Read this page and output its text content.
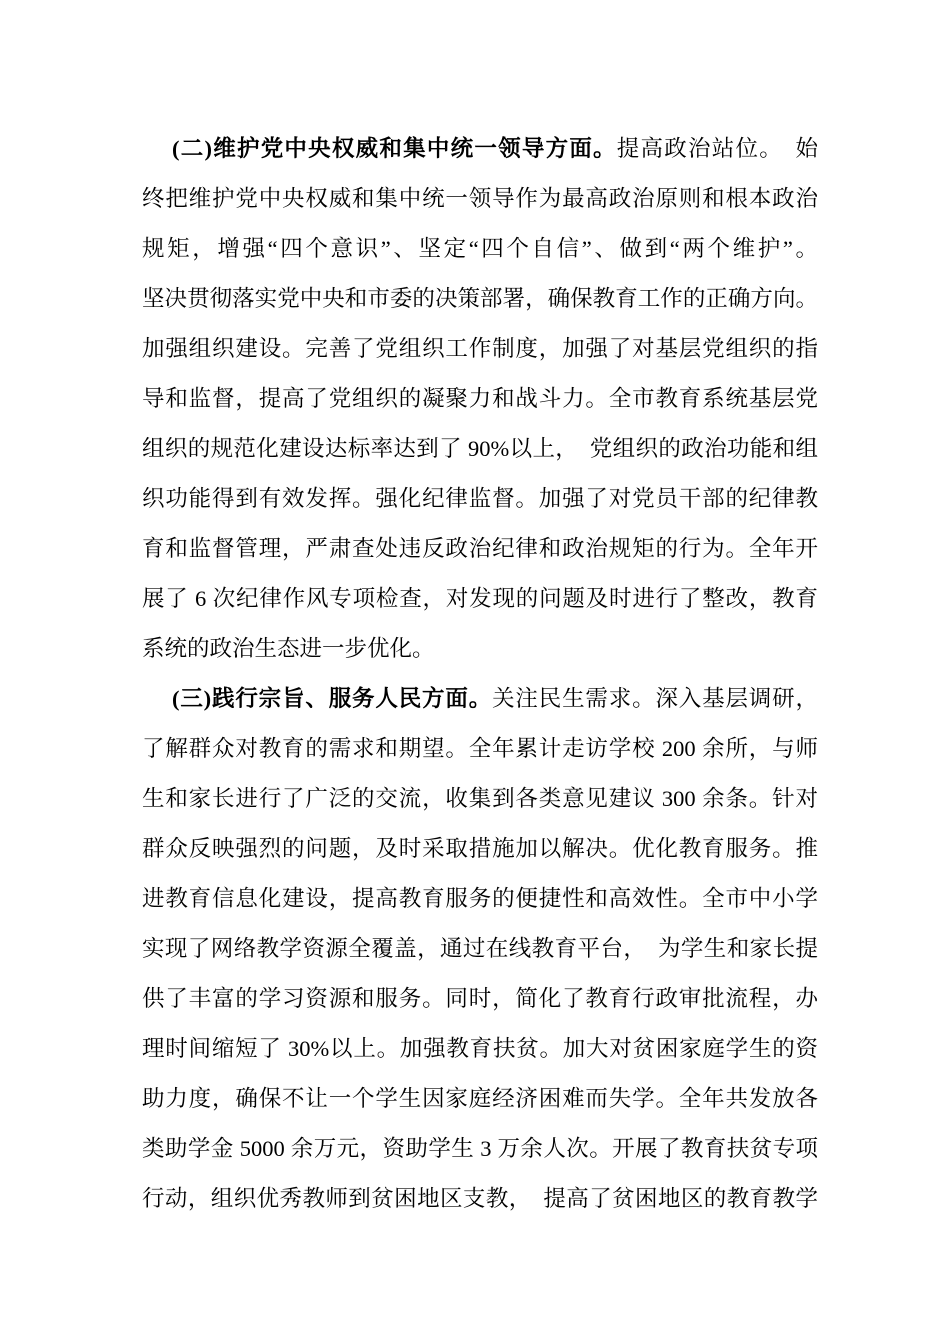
(二)维护党中央权威和集中统一领导方面。提高政治站位。　始
终把维护党中央权威和集中统一领导作为最高政治原则和根本政治
规矩，增强“四个意识”、坚定“四个自信”、做到“两个维护”。
坚决贯彻落实党中央和市委的决策部署，确保教育工作的正确方向。
加强组织建设。完善了党组织工作制度，加强了对基层党组织的指
导和监督，提高了党组织的凝聚力和战斗力。全市教育系统基层党
组织的规范化建设达标率达到了 90%以上，　党组织的政治功能和组
织功能得到有效发挥。强化纪律监督。加强了对党员干部的纪律教
育和监督管理，严肃查处违反政治纪律和政治规矩的行为。全年开
展了 6 次纪律作风专项检查，对发现的问题及时进行了整改，教育
系统的政治生态进一步优化。
(三)践行宗旨、服务人民方面。关注民生需求。深入基层调研，
了解群众对教育的需求和期望。全年累计走访学校 200 余所，与师
生和家长进行了广泛的交流，收集到各类意见建议 300 余条。针对
群众反映强烈的问题，及时采取措施加以解决。优化教育服务。推
进教育信息化建设，提高教育服务的便捷性和高效性。全市中小学
实现了网络教学资源全覆盖，通过在线教育平台，　为学生和家长提
供了丰富的学习资源和服务。同时，简化了教育行政审批流程，办
理时间缩短了 30%以上。加强教育扶贫。加大对贫困家庭学生的资
助力度，确保不让一个学生因家庭经济困难而失学。全年共发放各
类助学金 5000 余万元，资助学生 3 万余人次。开展了教育扶贫专项
行动，组织优秀教师到贫困地区支教，　提高了贫困地区的教育教学
